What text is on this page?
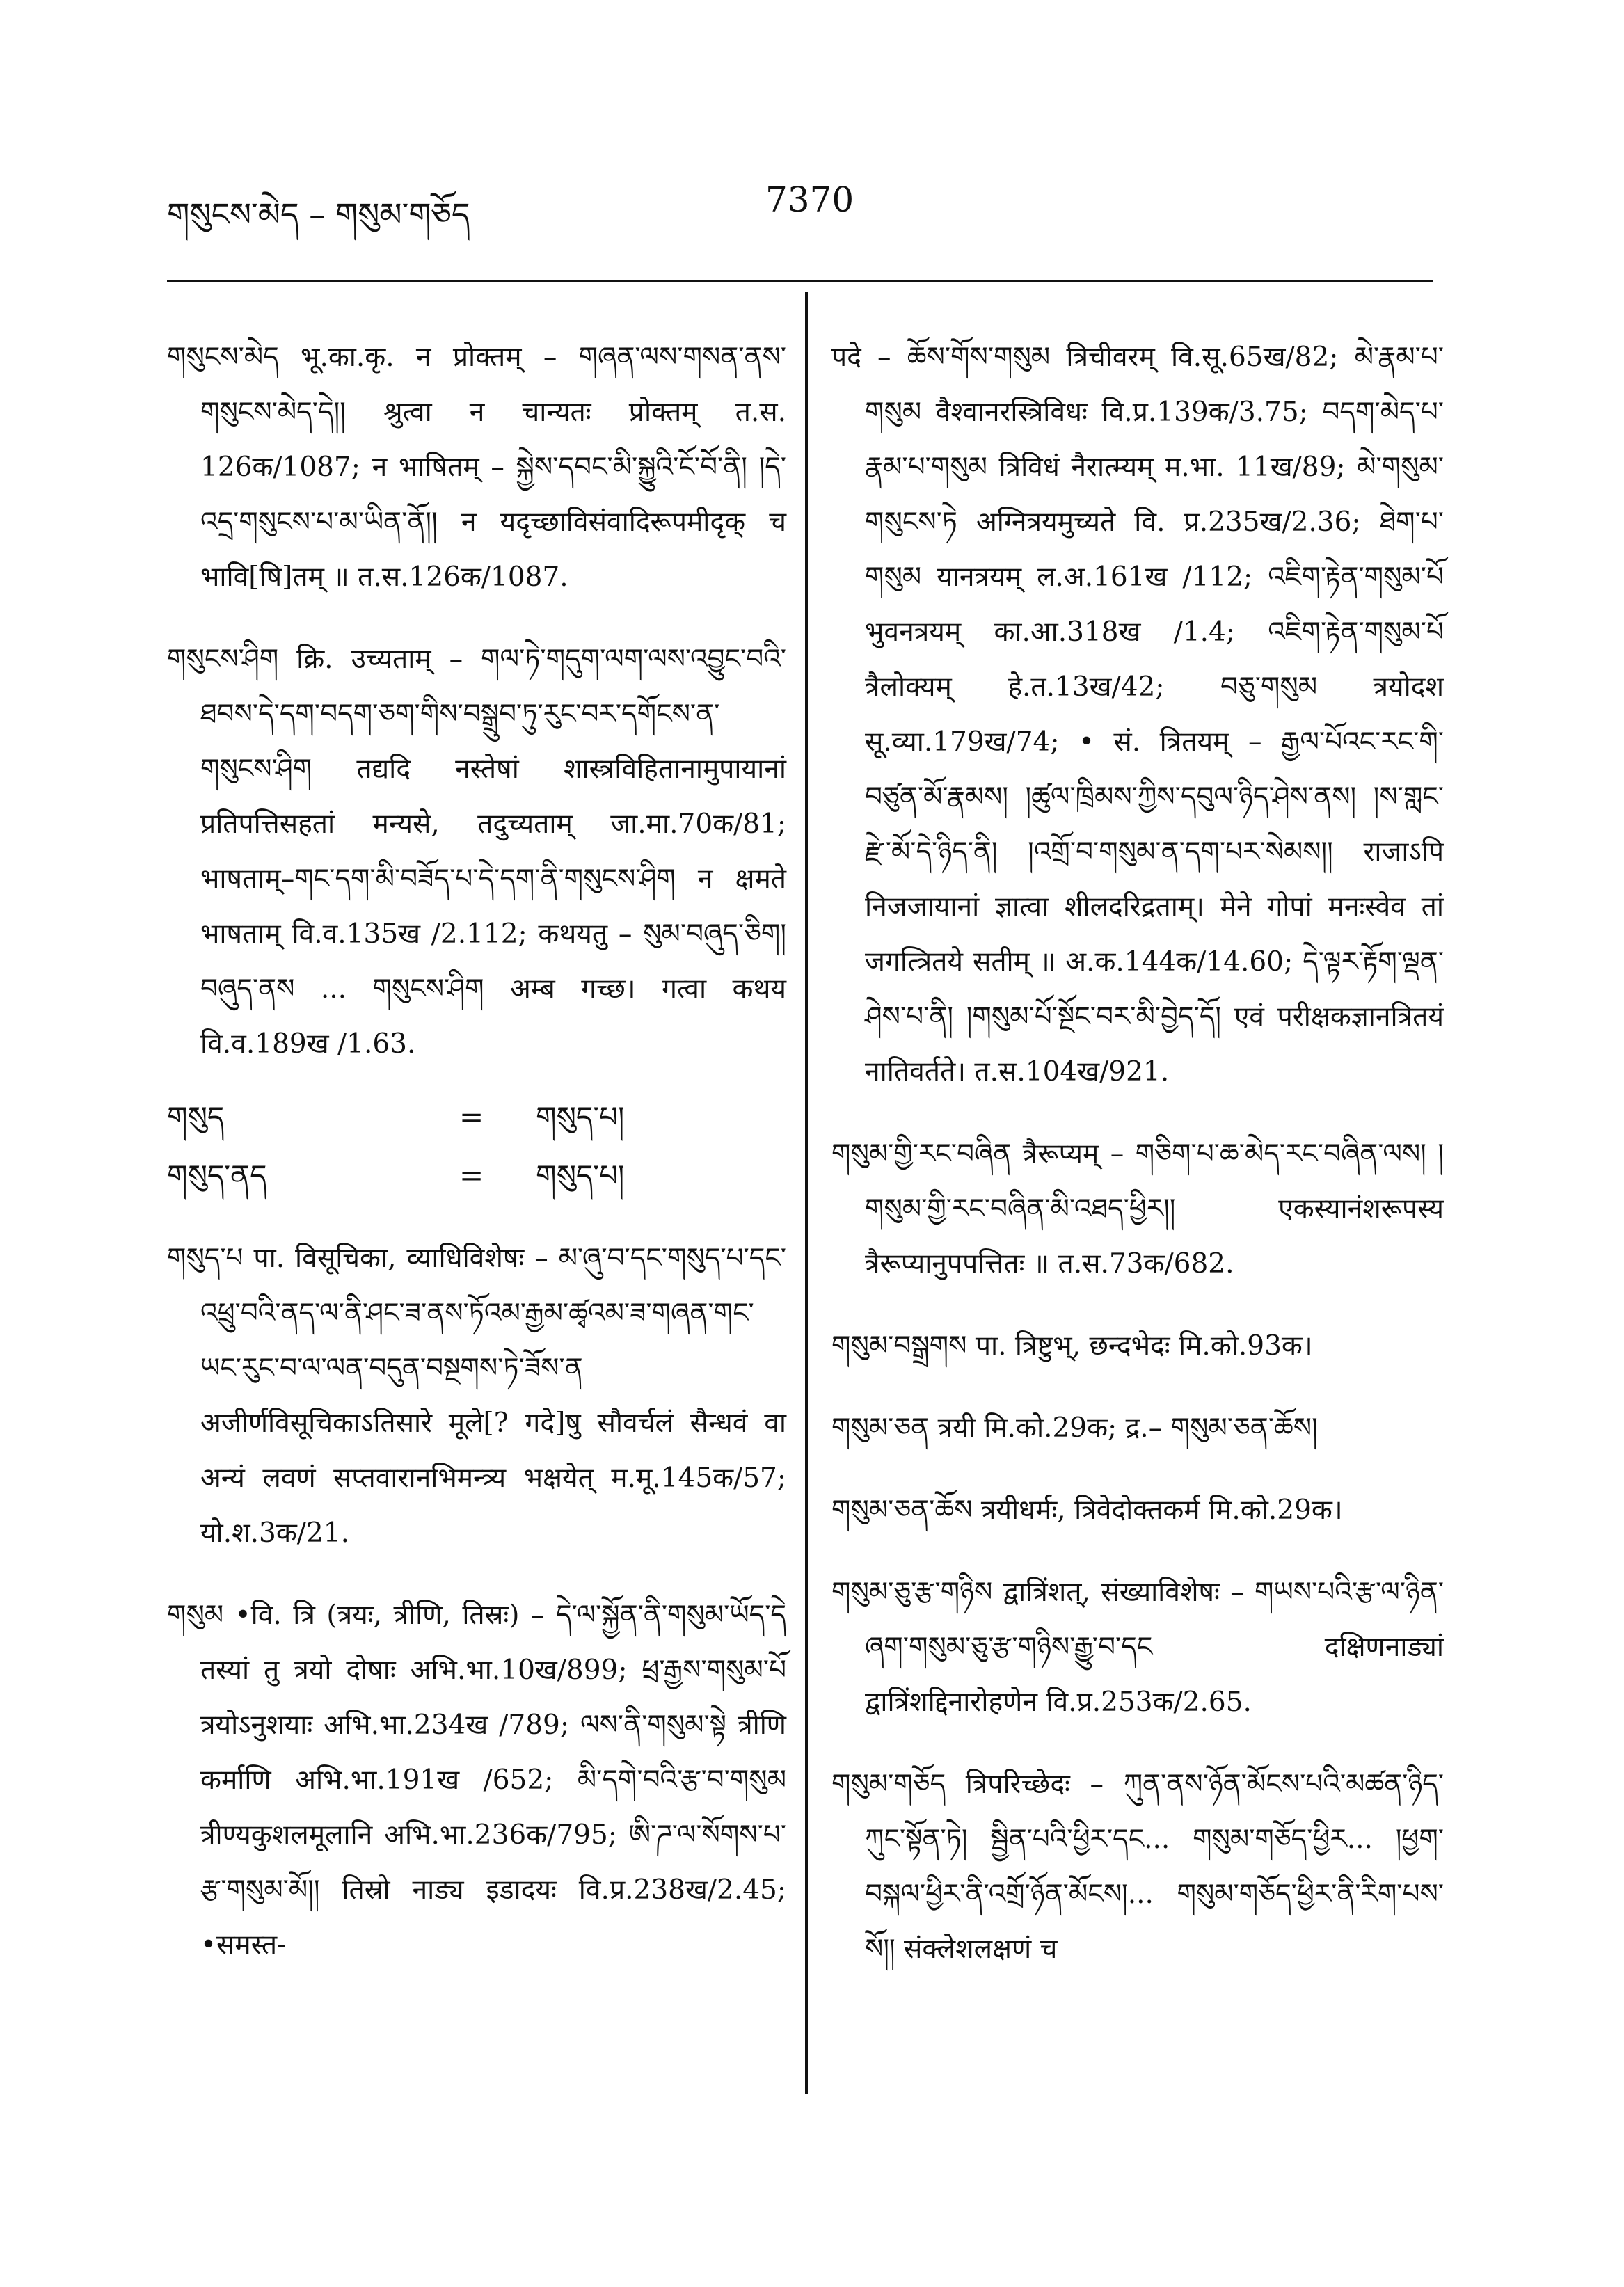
གསུངས་མེད – གསུམ་གཅོད	7370

གསུངས་མེད भू.का.कृ. न प्रोक्तम् – གཞན་ལས་གསན་ནས་གསུངས་མེད་དེ།། श्रुत्वा न चान्यतः प्रोक्तम् त.स. 126क/1087; न भाषितम् – སྐྱེས་དབང་མི་སྐྱུའི་ངོ་བོ་ནི། །དེ་འདྲ་གསུངས་པ་མ་ཡིན་ནོ།། न यदृच्छाविसंवादिरूपमीदृक् च भावि[षि]तम् ॥ त.स.126क/1087.

གསུངས་ཤིག क्रि. उच्यताम् – གལ་ཏེ་གདུག་ལག་ལས་འབྱུང་བའི་ཐབས་དེ་དག་བདག་ཅག་གིས་བསྒྲུབ་ཏུ་རུང་བར་དགོངས་ན་གསུངས་ཤིག तद्यदि नस्तेषां शास्त्रविहितानामुपायानां प्रतिपत्तिसहतां मन्यसे, तदुच्यताम् जा.मा.70क/81; भाषताम्–གང་དག་མི་བཟོད་པ་དེ་དག་ནི་གསུངས་ཤིག न क्षमते भाषताम् वि.व.135ख /2.112; कथयतु – སུམ་བཞུད་ཅིག། བཞུད་ནས ... གསུངས་ཤིག अम्ब गच्छ। गत्वा कथय वि.व.189ख /1.63.

གསུད	=	གསུད་པ།
གསུད་ནད	=	གསུད་པ།

གསུད་པ पा. विसूचिका, व्याधिविशेषः – མ་ཞུ་བ་དང་གསུད་པ་དང་འཕྲུ་བའི་ནད་ལ་ནི་ཤང་ཟ་ནས་ཏོའམ་རྒྱམ་ཚྭའམ་ཟ་གཞན་གང་ཡང་རུང་བ་ལ་ལན་བདུན་བསྔགས་ཏེ་ཟོས་ན अजीर्णविसूचिकाऽतिसारे मूले[? गदे]षु सौवर्चलं सैन्धवं वा अन्यं लवणं सप्तवारानभिमन्त्र्य भक्षयेत् म.मू.145क/57; यो.श.3क/21.

གསུམ •वि. त्रि (त्रयः, त्रीणि, तिस्रः) – དེ་ལ་སྐྱོན་ནི་གསུམ་ཡོད་དེ तस्यां तु त्रयो दोषाः अभि.भा.10ख/899; ཕྲ་རྒྱས་གསུམ་པོ त्रयोऽनुशयाः अभि.भा.234ख /789; ལས་ནི་གསུམ་སྟེ त्रीणि कर्माणि अभि.भा.191ख /652; མི་དགེ་བའི་རྩ་བ་གསུམ त्रीण्यकुशलमूलानि अभि.भा.236क/795; ཨི་ཌ་ལ་སོགས་པ་རྩ་གསུམ་མོ།། तिस्रो नाड्य इडादयः वि.प्र.238ख/2.45; •समस्त-

पदे – ཆོས་གོས་གསུམ त्रिचीवरम् वि.सू.65ख/82; མེ་རྣམ་པ་གསུམ वैश्वानरस्त्रिविधः वि.प्र.139क/3.75; བདག་མེད་པ་རྣམ་པ་གསུམ त्रिविधं नैरात्म्यम् म.भा. 11ख/89; མེ་གསུམ་གསུངས་ཏེ अग्नित्रयमुच्यते वि. प्र.235ख/2.36; ཐེག་པ་གསུམ यानत्रयम् ल.अ.161ख /112; འཇིག་རྟེན་གསུམ་པོ भुवनत्रयम् का.आ.318ख /1.4; འཇིག་རྟེན་གསུམ་པོ त्रैलोक्यम् हे.त.13ख/42; བཅུ་གསུམ त्रयोदश सू.व्या.179ख/74; • सं. त्रितयम् – རྒྱལ་པོའང་རང་གི་བཙུན་མོ་རྣམས། །ཚུལ་ཁྲིམས་ཀྱིས་དབུལ་ཉིད་ཤེས་ནས། །ས་གླང་རྫེ་མོ་དེ་ཉིད་ནི། །འགྲོ་བ་གསུམ་ན་དག་པར་སེམས།། राजाऽपि निजजायानां ज्ञात्वा शीलदरिद्रताम्। मेने गोपां मनःस्वेव तां जगत्त्रितये सतीम् ॥ अ.क.144क/14.60; དེ་ལྟར་རྟོག་ལྡན་ཤེས་པ་ནི། །གསུམ་པོ་སྔོང་བར་མི་བྱེད་དོ། एवं परीक्षकज्ञानत्रितयं नातिवर्तते। त.स.104ख/921.

གསུམ་གྱི་རང་བཞིན त्रैरूप्यम् – གཅིག་པ་ཆ་མེད་རང་བཞིན་ལས། །གསུམ་གྱི་རང་བཞིན་མི་འཐད་ཕྱིར།། एकस्यानंशरूपस्य त्रैरूप्यानुपपत्तितः ॥ त.स.73क/682.

གསུམ་བསྒྲགས पा. त्रिष्टुभ्, छन्दभेदः मि.को.93क।

གསུམ་ཅན त्रयी मि.को.29क; द्र.– གསུམ་ཅན་ཆོས།

གསུམ་ཅན་ཆོས त्रयीधर्मः, त्रिवेदोक्तकर्म मि.को.29क।

གསུམ་ཅུ་རྩ་གཉིས द्वात्रिंशत्, संख्याविशेषः – གཡས་པའི་རྩ་ལ་ཉིན་ཞག་གསུམ་ཅུ་རྩ་གཉིས་རྒྱུ་བ་དང दक्षिणनाड्यां द्वात्रिंशद्दिनारोहणेन वि.प्र.253क/2.65.

གསུམ་གཅོད त्रिपरिच्छेदः – ཀུན་ནས་ཉོན་མོངས་པའི་མཚན་ཉིད་ཀུང་སྟོན་ཏེ། སྦྱིན་པའི་ཕྱིར་དང... གསུམ་གཅོད་ཕྱིར... །ཕྱག་བསྐལ་ཕྱིར་ནི་འགྲོ་ཉོན་མོངས།... གསུམ་གཅོད་ཕྱིར་ནི་རིག་པས་སོ།། संक्लेशलक्षणं च
